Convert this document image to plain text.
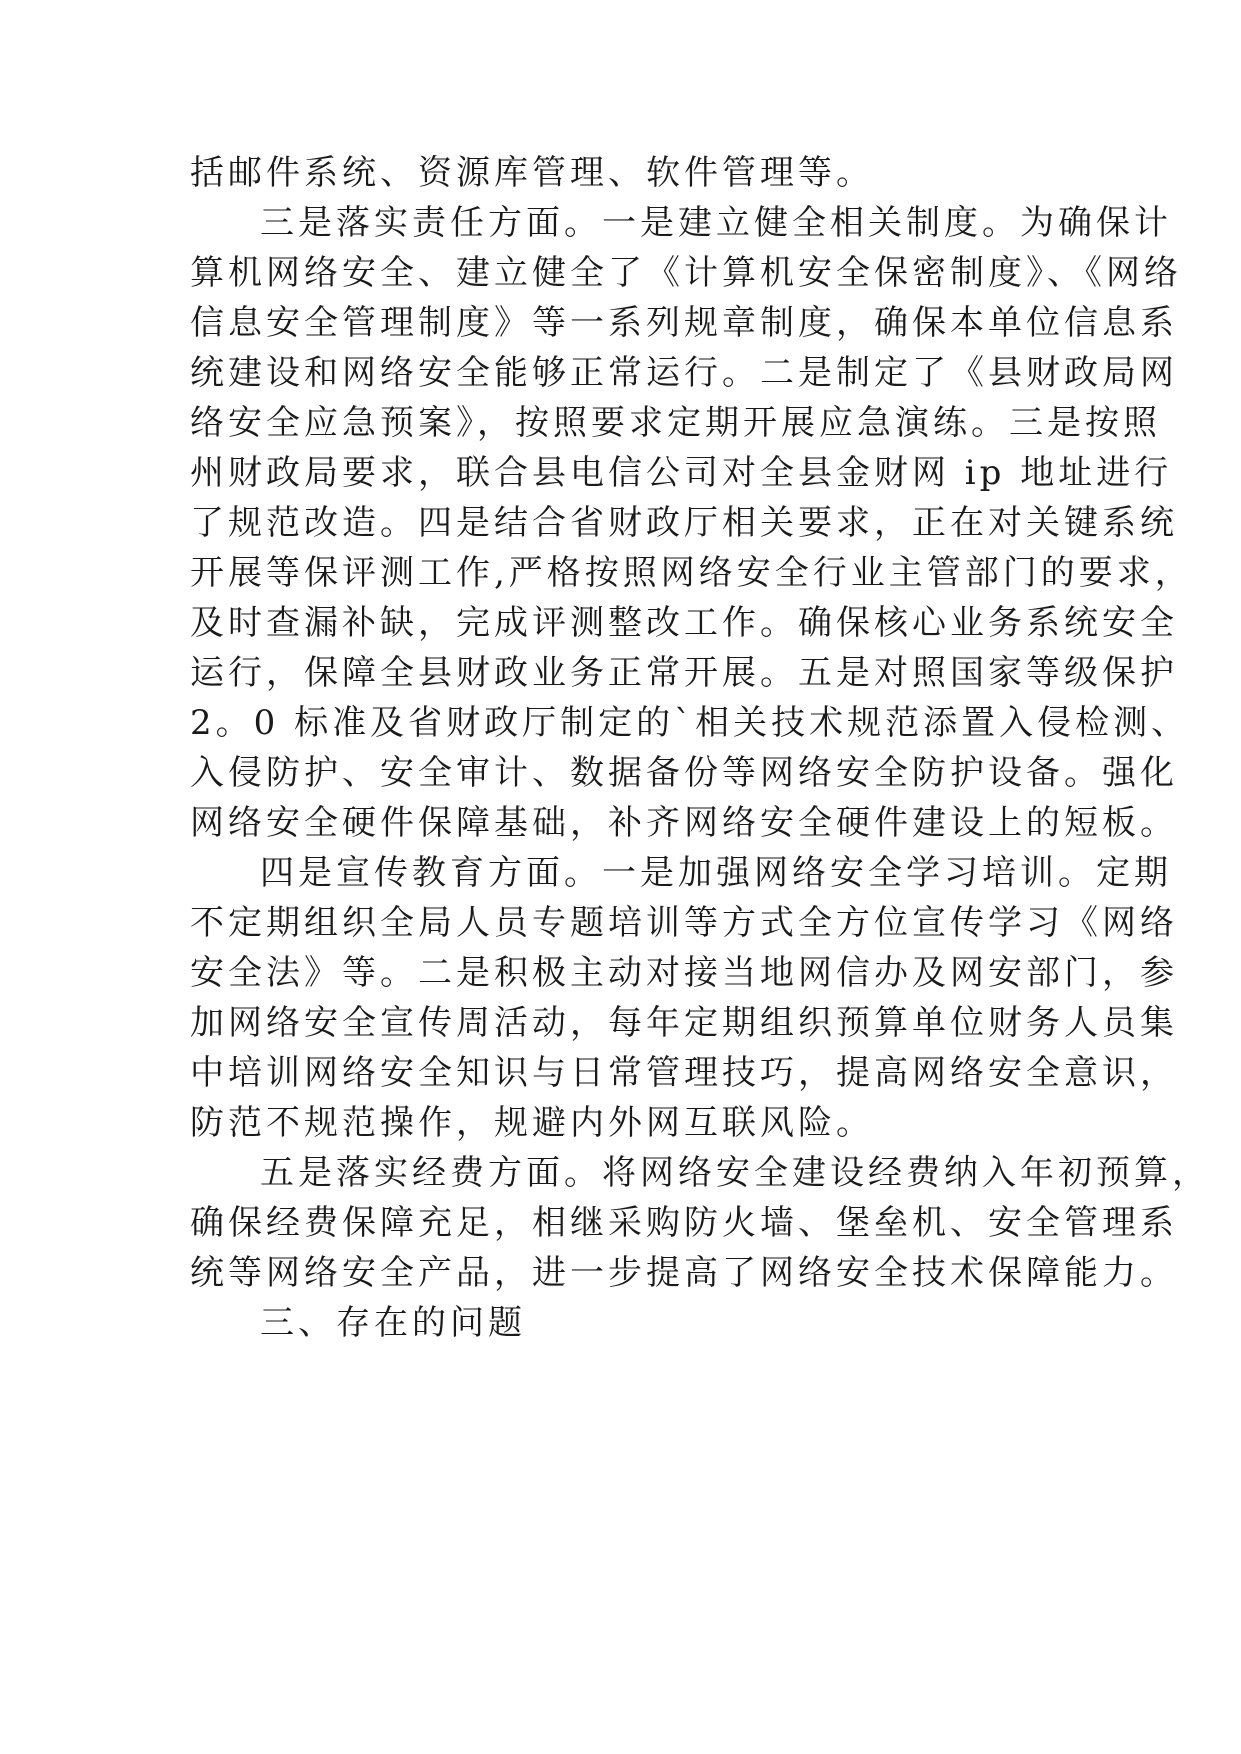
括邮件系统、资源库管理、软件管理等。
三是落实责任方面。一是建立健全相关制度。为确保计
算机网络安全、建立健全了《计算机安全保密制度》、《网络
信息安全管理制度》等一系列规章制度，确保本单位信息系
统建设和网络安全能够正常运行。二是制定了《县财政局网
络安全应急预案》，按照要求定期开展应急演练。三是按照
州财政局要求，联合县电信公司对全县金财网 ip 地址进行
了规范改造。四是结合省财政厅相关要求，正在对关键系统
开展等保评测工作,严格按照网络安全行业主管部门的要求，
及时查漏补缺，完成评测整改工作。确保核心业务系统安全
运行，保障全县财政业务正常开展。五是对照国家等级保护
2。0 标准及省财政厅制定的`相关技术规范添置入侵检测、
入侵防护、安全审计、数据备份等网络安全防护设备。强化
网络安全硬件保障基础，补齐网络安全硬件建设上的短板。
四是宣传教育方面。一是加强网络安全学习培训。定期
不定期组织全局人员专题培训等方式全方位宣传学习《网络
安全法》等。二是积极主动对接当地网信办及网安部门，参
加网络安全宣传周活动，每年定期组织预算单位财务人员集
中培训网络安全知识与日常管理技巧，提高网络安全意识，
防范不规范操作，规避内外网互联风险。
五是落实经费方面。将网络安全建设经费纳入年初预算，
确保经费保障充足，相继采购防火墙、堡垒机、安全管理系
统等网络安全产品，进一步提高了网络安全技术保障能力。
三、存在的问题
